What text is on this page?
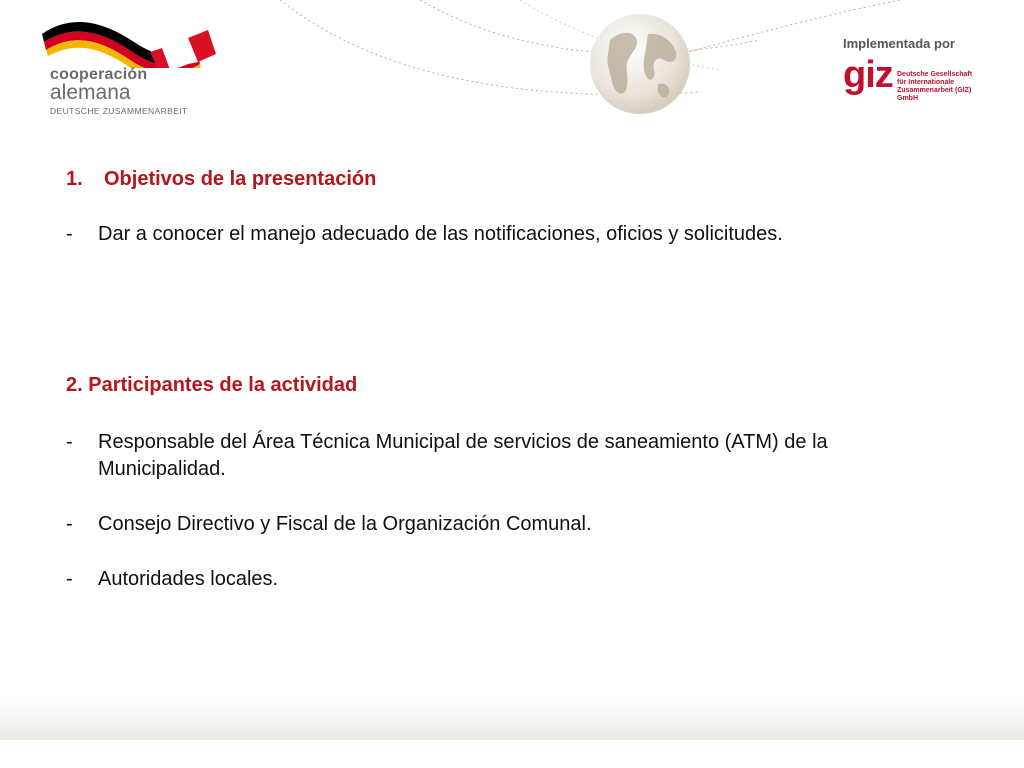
cooperación
alemana
DEUTSCHE ZUSAMMENARBEIT
Implementada por
giz Deutsche Gesellschaft
für Internationale
Zusammenarbeit (GIZ) GmbH

1. Objetivos de la presentación

- Dar a conocer el manejo adecuado de las notificaciones, oficios y solicitudes.

2. Participantes de la actividad

- Responsable del Área Técnica Municipal de servicios de saneamiento (ATM) de la Municipalidad.
- Consejo Directivo y Fiscal de la Organización Comunal.
- Autoridades locales.
